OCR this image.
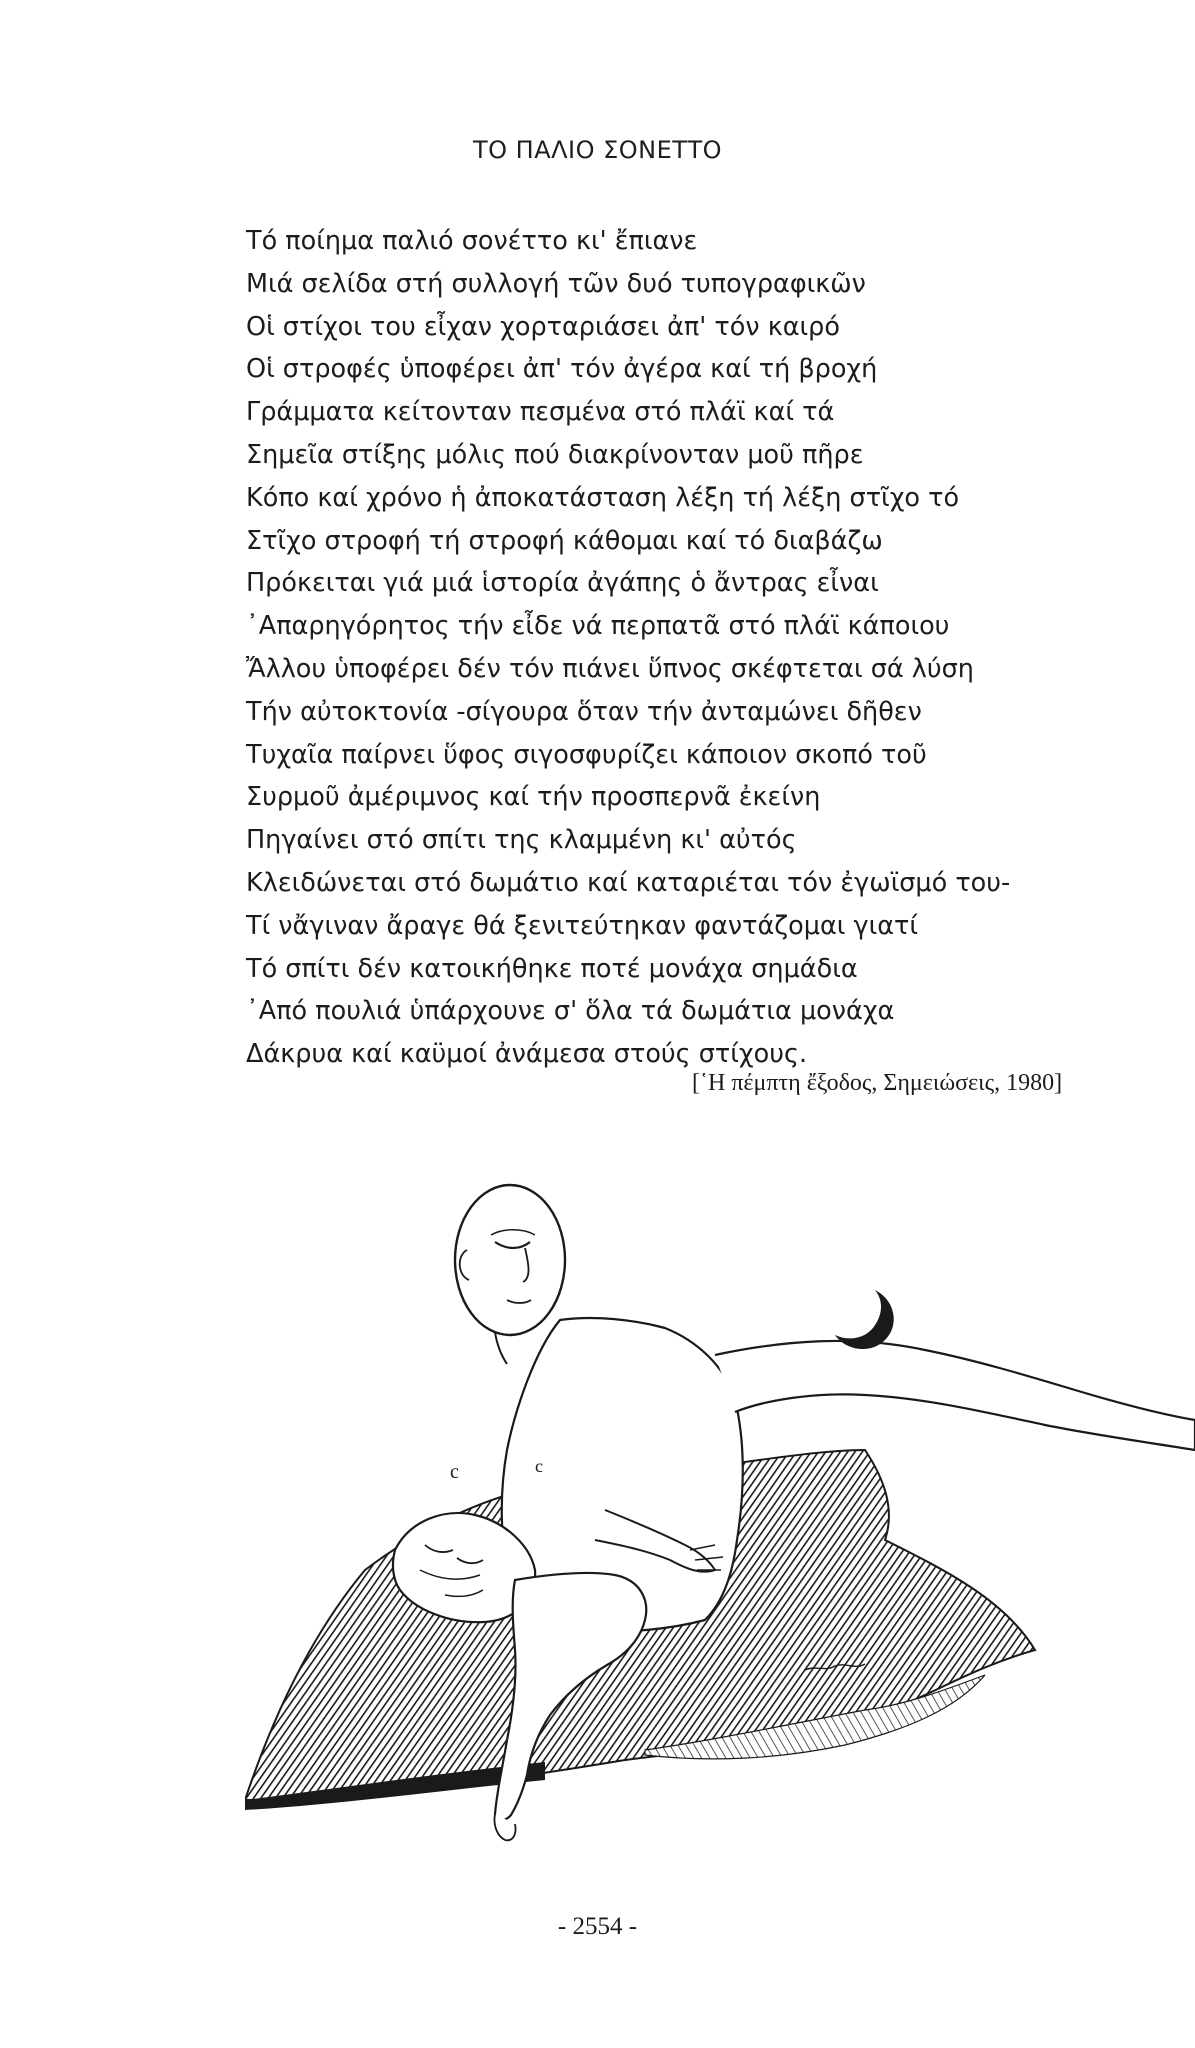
ΤΟ ΠΑΛΙΟ ΣΟΝΕΤΤΟ
Τό ποίημα παλιό σονέττο κι' ἔπιανε
Μιά σελίδα στή συλλογή τῶν δυό τυπογραφικῶν
Οἱ στίχοι του εἶχαν χορταριάσει ἀπ' τόν καιρό
Οἱ στροφές ὑποφέρει ἀπ' τόν ἀγέρα καί τή βροχή
Γράμματα κείτονταν πεσμένα στό πλάϊ καί τά
Σημεῖα στίξης μόλις πού διακρίνονταν μοῦ πῆρε
Κόπο καί χρόνο ἡ ἀποκατάσταση λέξη τή λέξη στῖχο τό
Στῖχο στροφή τή στροφή κάθομαι καί τό διαβάζω
Πρόκειται γιά μιά ἱστορία ἀγάπης ὁ ἄντρας εἶναι
᾿Απαρηγόρητος τήν εἶδε νά περπατᾶ στό πλάϊ κάποιου
Ἄλλου ὑποφέρει δέν τόν πιάνει ὕπνος σκέφτεται σά λύση
Τήν αὐτοκτονία -σίγουρα ὅταν τήν ἀνταμώνει δῆθεν
Τυχαῖα παίρνει ὕφος σιγοσφυρίζει κάποιον σκοπό τοῦ
Συρμοῦ ἀμέριμνος καί τήν προσπερνᾶ ἐκείνη
Πηγαίνει στό σπίτι της κλαμμένη κι' αὐτός
Κλειδώνεται στό δωμάτιο καί καταριέται τόν ἐγωϊσμό του-
Τί νἄγιναν ἄραγε θά ξενιτεύτηκαν φαντάζομαι γιατί
Τό σπίτι δέν κατοικήθηκε ποτέ μονάχα σημάδια
᾿Από πουλιά ὑπάρχουνε σ' ὅλα τά δωμάτια μονάχα
Δάκρυα καί καϋμοί ἀνάμεσα στούς στίχους.
[῾Η πέμπτη ἔξοδος, Σημειώσεις, 1980]
c	c
- 2554 -
